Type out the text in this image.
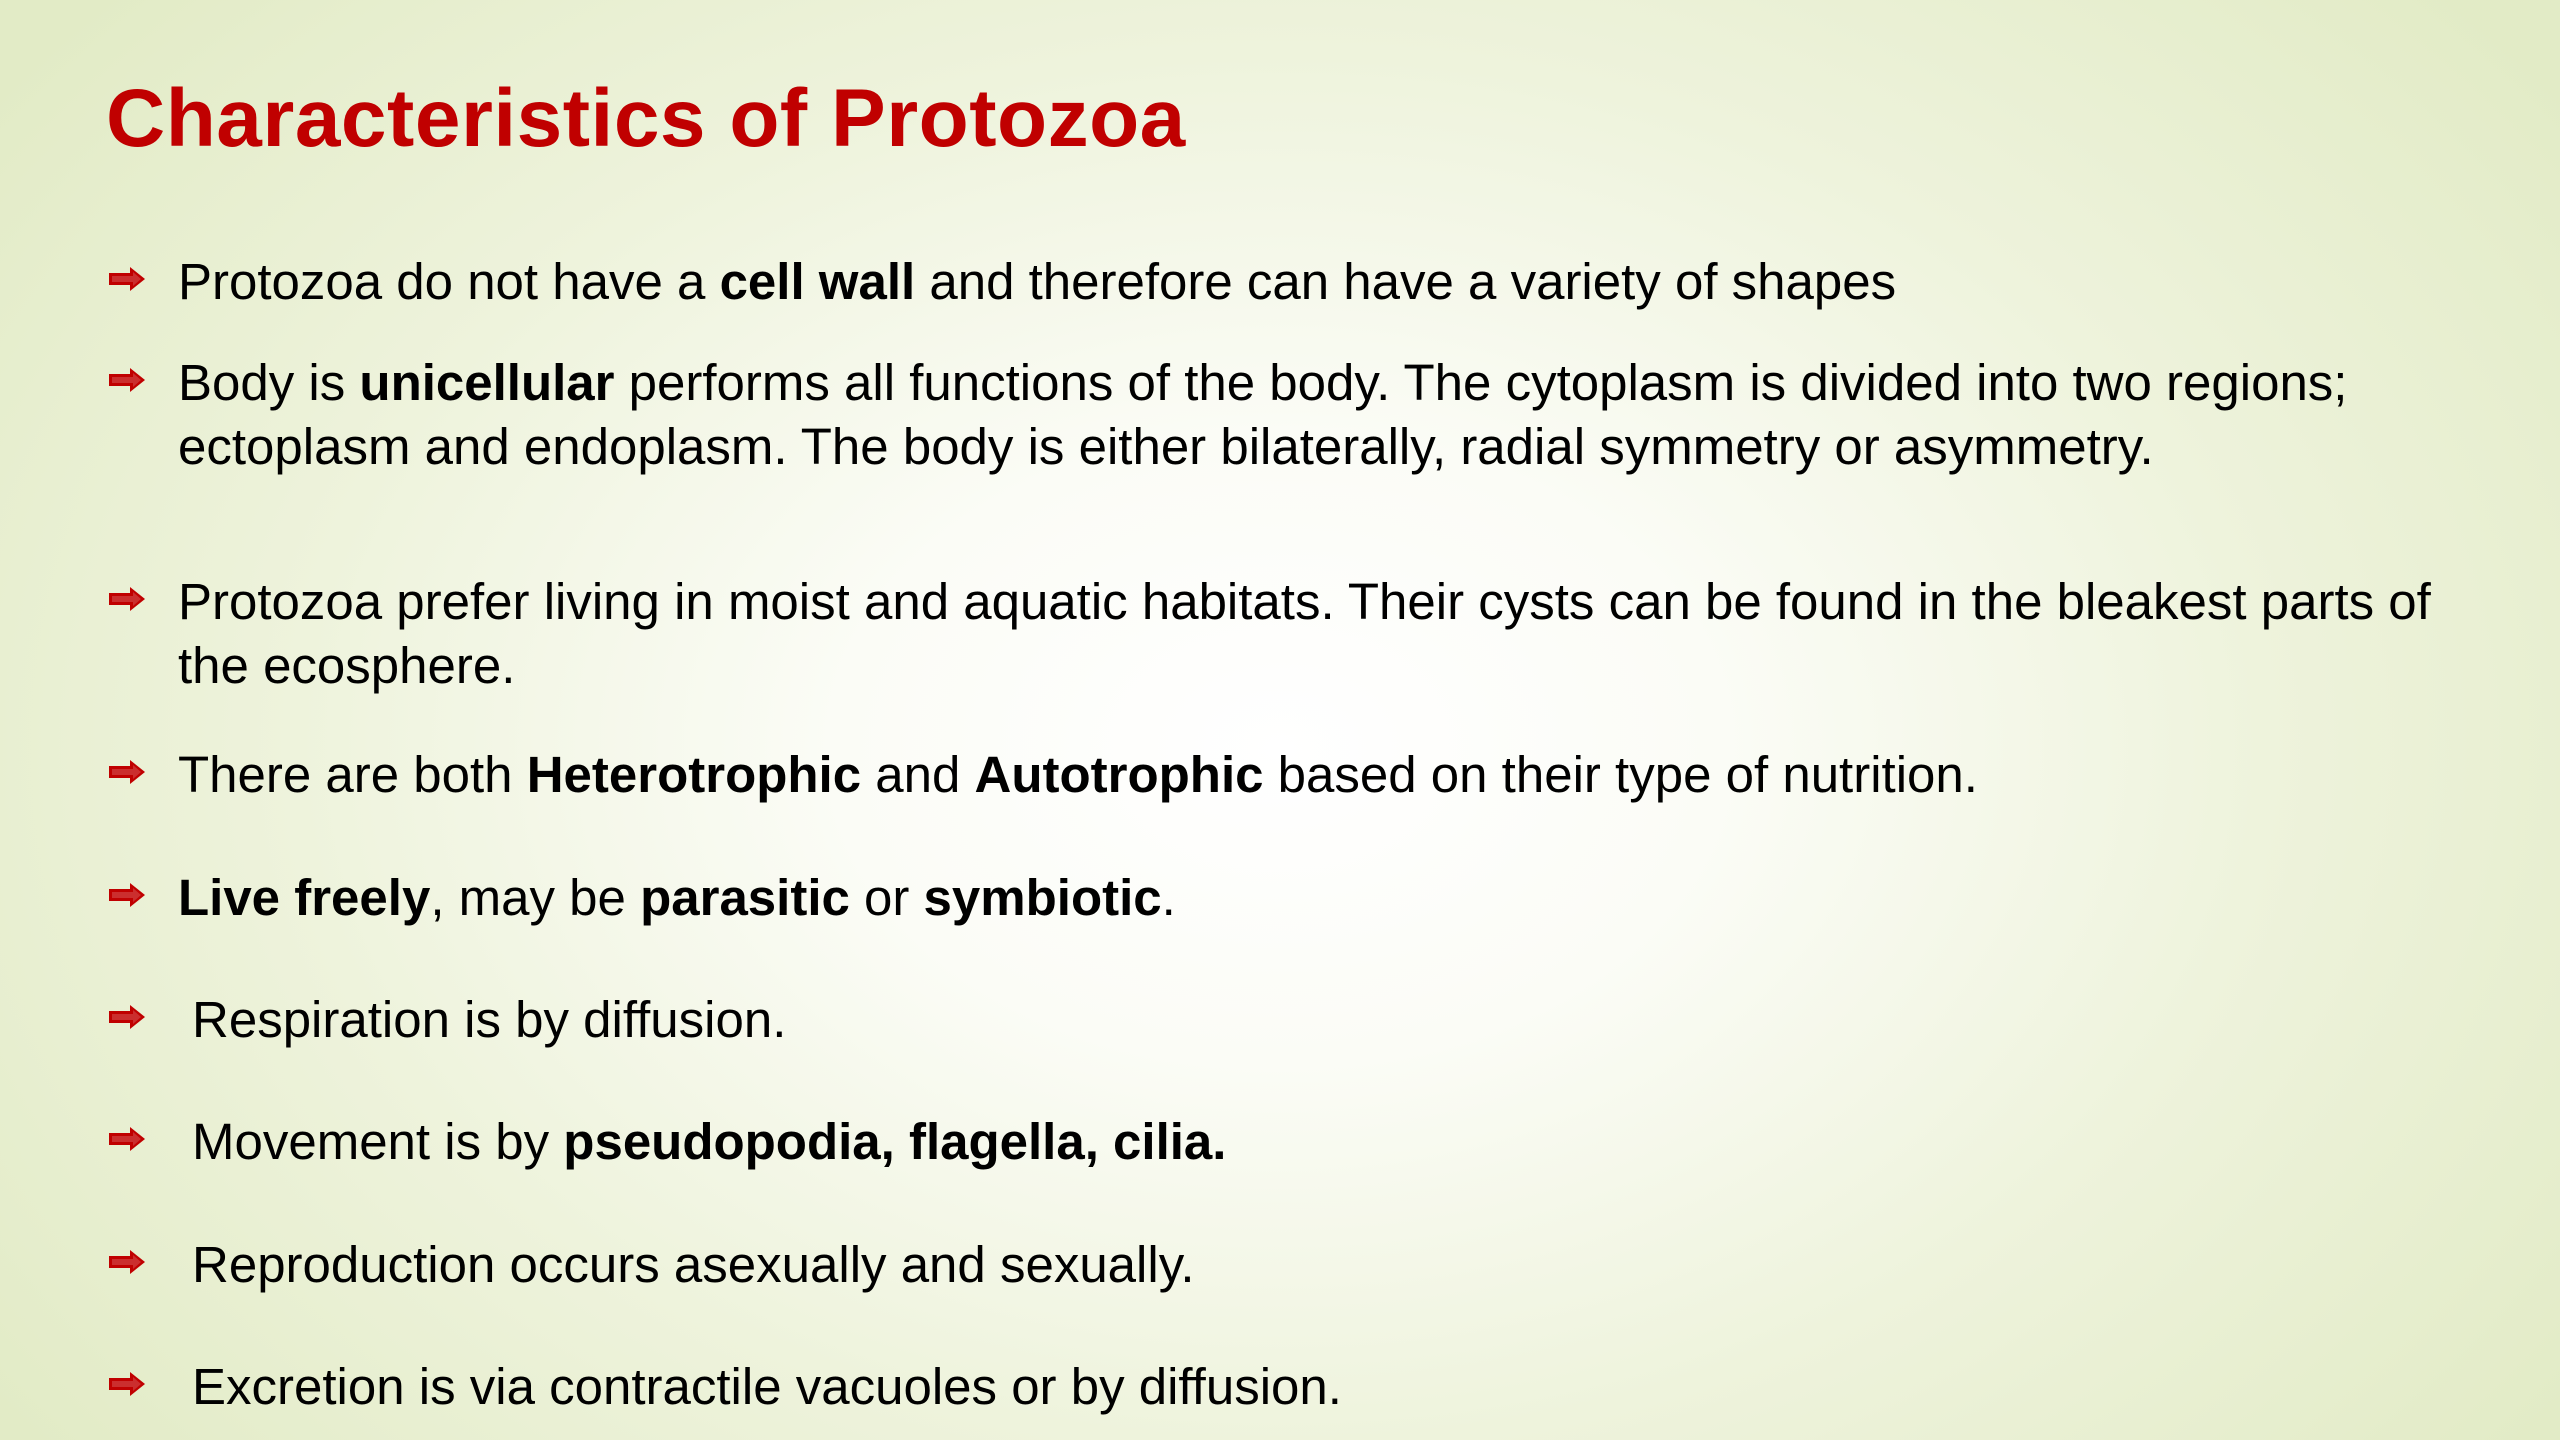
Characteristics of Protozoa

Protozoa do not have a cell wall and therefore can have a variety of shapes

Body is unicellular performs all functions of the body. The cytoplasm is divided into two regions; ectoplasm and endoplasm. The body is either bilaterally, radial symmetry or asymmetry.

Protozoa prefer living in moist and aquatic habitats. Their cysts can be found in the bleakest parts of the ecosphere.

There are both Heterotrophic and Autotrophic based on their type of nutrition.

Live freely, may be parasitic or symbiotic.

Respiration is by diffusion.

Movement is by pseudopodia, flagella, cilia.

Reproduction occurs asexually and sexually.

Excretion is via contractile vacuoles or by diffusion.
